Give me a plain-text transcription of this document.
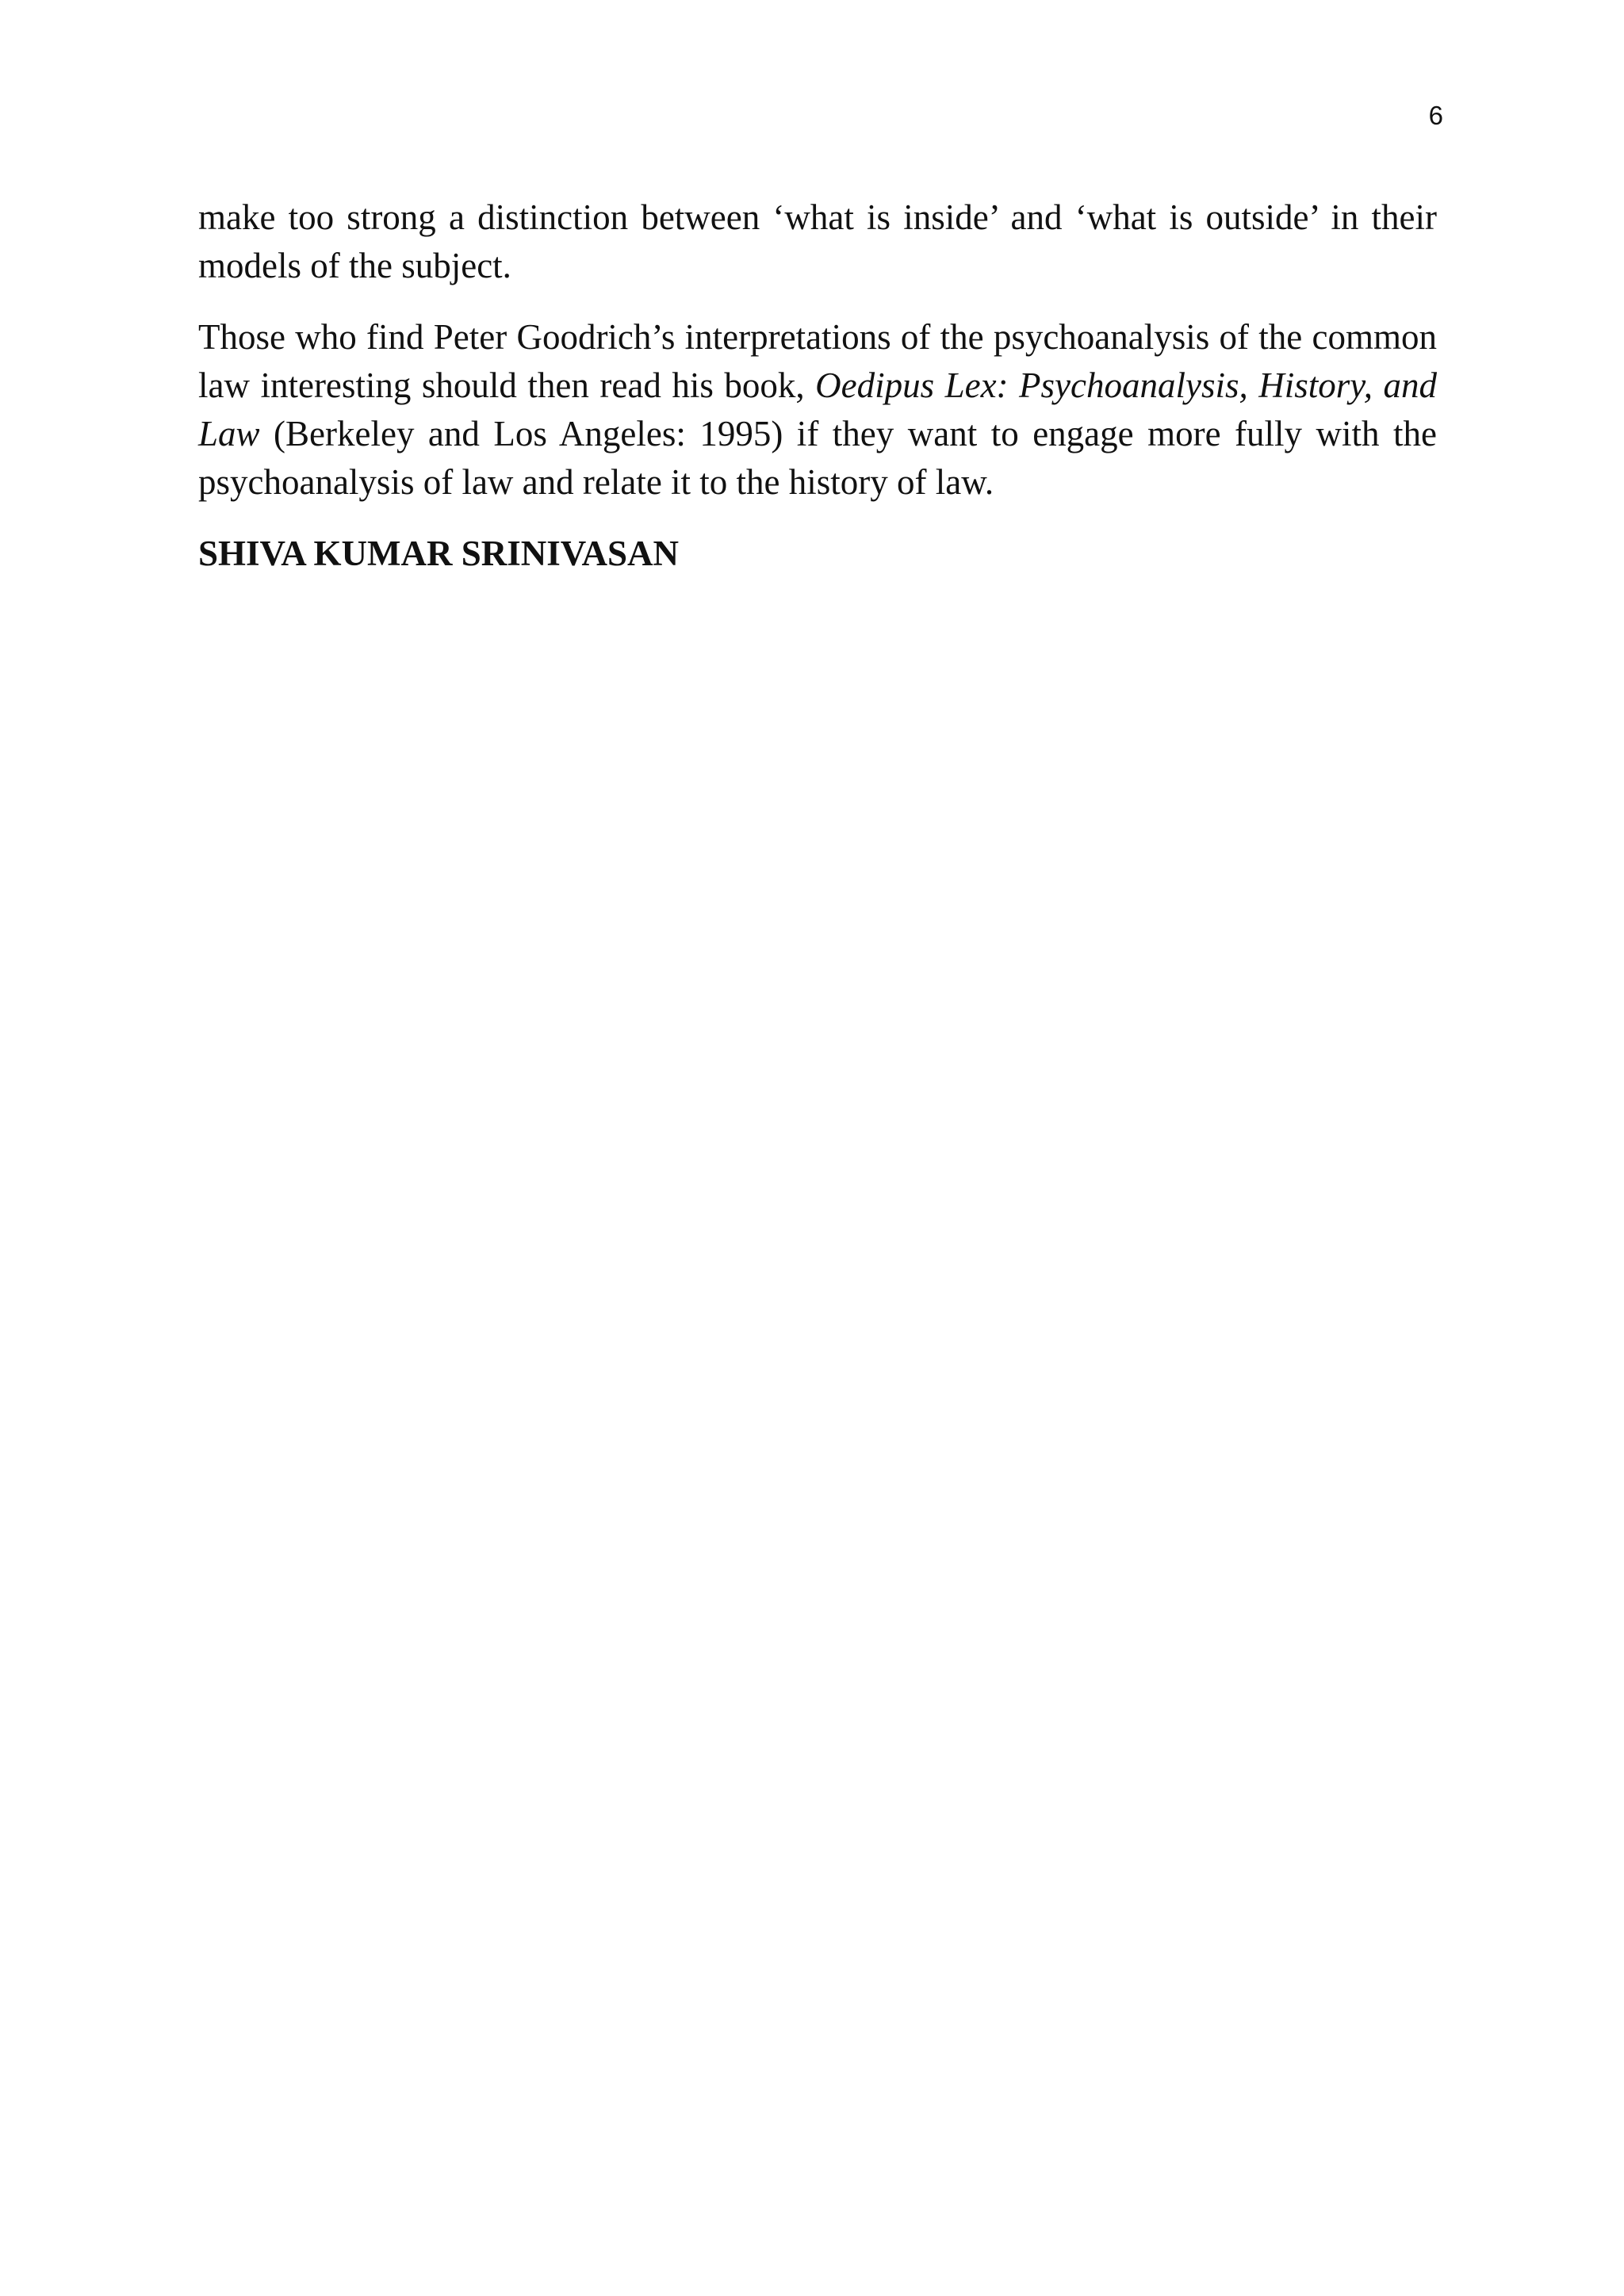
6

make too strong a distinction between ‘what is inside’ and ‘what is outside’ in their models of the subject.

Those who find Peter Goodrich’s interpretations of the psychoanalysis of the common law interesting should then read his book, Oedipus Lex: Psychoanalysis, History, and Law (Berkeley and Los Angeles: 1995) if they want to engage more fully with the psychoanalysis of law and relate it to the history of law.

SHIVA KUMAR SRINIVASAN
